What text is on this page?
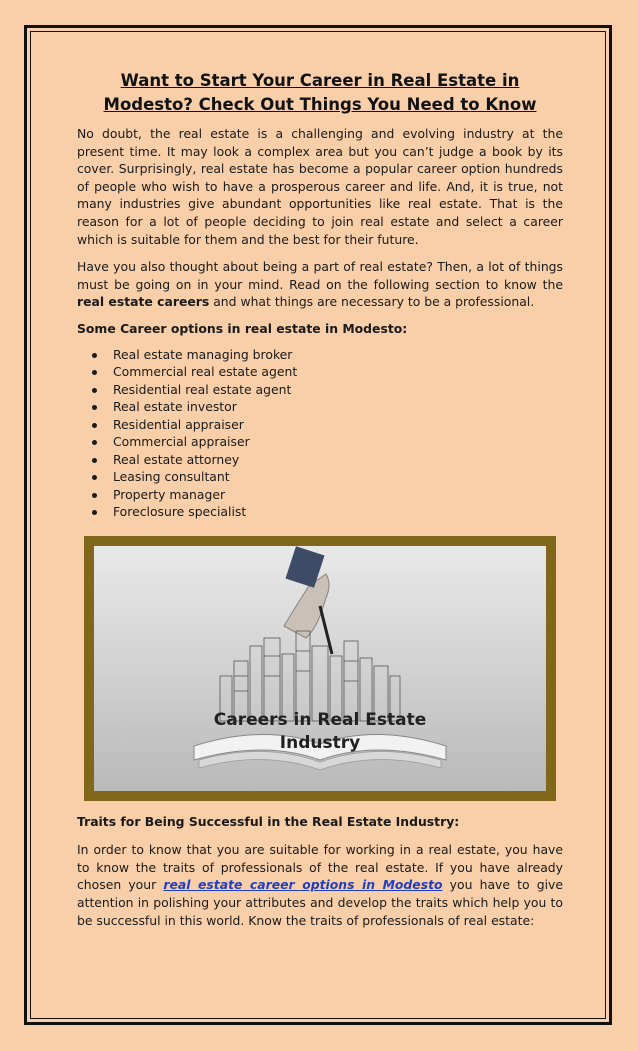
Want to Start Your Career in Real Estate in Modesto? Check Out Things You Need to Know

No doubt, the real estate is a challenging and evolving industry at the present time. It may look a complex area but you can’t judge a book by its cover. Surprisingly, real estate has become a popular career option hundreds of people who wish to have a prosperous career and life. And, it is true, not many industries give abundant opportunities like real estate. That is the reason for a lot of people deciding to join real estate and select a career which is suitable for them and the best for their future.

Have you also thought about being a part of real estate? Then, a lot of things must be going on in your mind. Read on the following section to know the real estate careers and what things are necessary to be a professional.

Some Career options in real estate in Modesto:

Real estate managing broker
Commercial real estate agent
Residential real estate agent
Real estate investor
Residential appraiser
Commercial appraiser
Real estate attorney
Leasing consultant
Property manager
Foreclosure specialist
Careers in Real Estate
Industry

Traits for Being Successful in the Real Estate Industry:

In order to know that you are suitable for working in a real estate, you have to know the traits of professionals of the real estate. If you have already chosen your real estate career options in Modesto you have to give attention in polishing your attributes and develop the traits which help you to be successful in this world. Know the traits of professionals of real estate:
